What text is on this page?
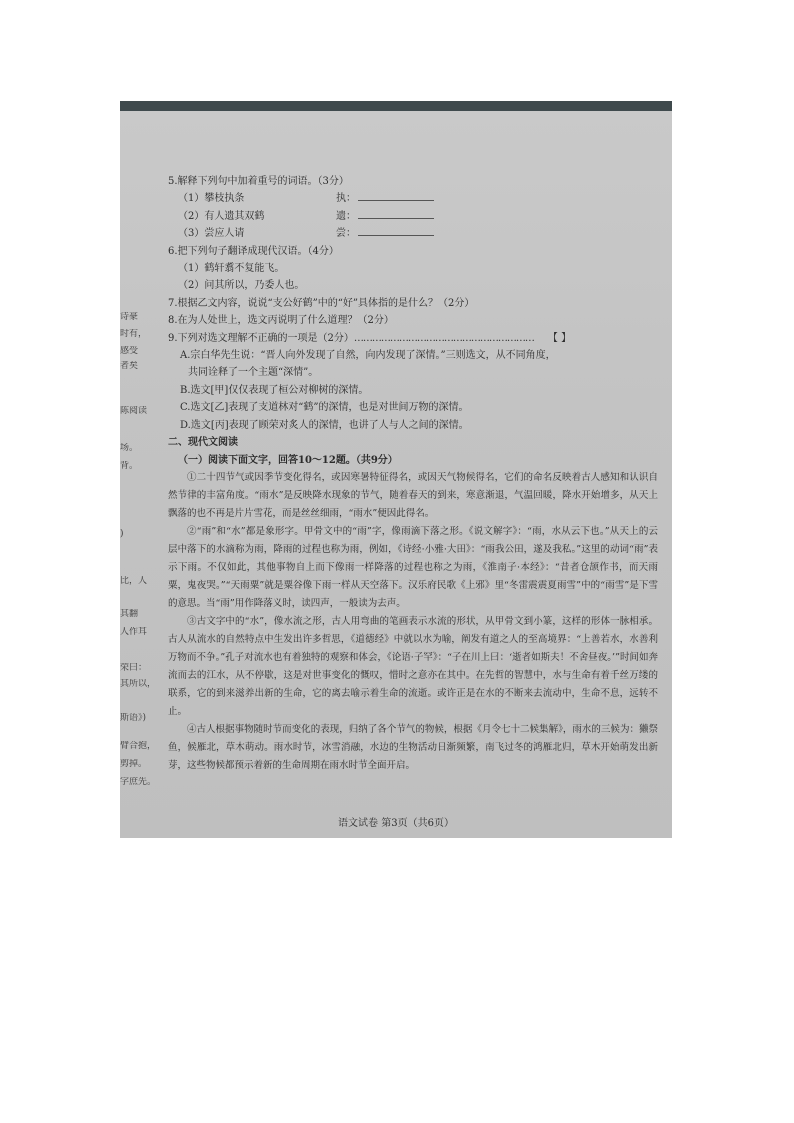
诗豪
时有，
感受
者矣
陈阅读
场。
背。
)
比，人
其翻
人作耳
荣曰：
其所以，
斯语》)
臂合抱，
剪掉。
字庶先。
5.解释下列句中加着重号的词语。（3分）
（1）攀枝执条	执：
（2）有人遗其双鹤	遗：
（3）尝应人请	尝：
6.把下列句子翻译成现代汉语。（4分）
（1）鹤轩翥不复能飞。
（2）问其所以，乃委人也。
7.根据乙文内容，说说“支公好鹤”中的“好”具体指的是什么？（2分）
8.在为人处世上，选文丙说明了什么道理？（2分）
9.下列对选文理解不正确的一项是（2分）…………………………………………………… 【 】
A.宗白华先生说：“晋人向外发现了自然，向内发现了深情。”三则选文，从不同角度，
共同诠释了一个主题“深情”。
B.选文[甲]仅仅表现了桓公对柳树的深情。
C.选文[乙]表现了支道林对“鹤”的深情，也是对世间万物的深情。
D.选文[丙]表现了顾荣对炙人的深情，也讲了人与人之间的深情。
二、现代文阅读
（一）阅读下面文字，回答10～12题。（共9分）
①二十四节气或因季节变化得名，或因寒暑特征得名，或因天气物候得名，它们的命名反映着古人感知和认识自然节律的丰富角度。“雨水”是反映降水现象的节气，随着春天的到来，寒意渐退，气温回暖，降水开始增多，从天上飘落的也不再是片片雪花，而是丝丝细雨，“雨水”便因此得名。
②“雨”和“水”都是象形字。甲骨文中的“雨”字，像雨滴下落之形。《说文解字》：“雨，水从云下也。”从天上的云层中落下的水滴称为雨，降雨的过程也称为雨，例如，《诗经·小雅·大田》：“雨我公田，遂及我私。”这里的动词“雨”表示下雨。不仅如此，其他事物自上而下像雨一样降落的过程也称之为雨，《淮南子·本经》：“昔者仓颉作书，而天雨粟，鬼夜哭。”“天雨粟”就是粟谷像下雨一样从天空落下。汉乐府民歌《上邪》里“冬雷震震夏雨雪”中的“雨雪”是下雪的意思。当“雨”用作降落义时，读四声，一般读为去声。
③古文字中的“水”，像水流之形，古人用弯曲的笔画表示水流的形状，从甲骨文到小篆，这样的形体一脉相承。古人从流水的自然特点中生发出许多哲思，《道德经》中就以水为喻，阐发有道之人的至高境界：“上善若水，水善利万物而不争。”孔子对流水也有着独特的观察和体会，《论语·子罕》：“子在川上曰：‘逝者如斯夫！不舍昼夜。’”时间如奔流而去的江水，从不停歇，这是对世事变化的慨叹，惜时之意亦在其中。在先哲的智慧中，水与生命有着千丝万缕的联系，它的到来滋养出新的生命，它的离去喻示着生命的流逝。或许正是在水的不断来去流动中，生命不息，远转不止。
④古人根据事物随时节而变化的表现，归纳了各个节气的物候，根据《月令七十二候集解》，雨水的三候为：獭祭鱼，候雁北，草木萌动。雨水时节，冰雪消融，水边的生物活动日渐频繁，南飞过冬的鸿雁北归，草木开始萌发出新芽，这些物候都预示着新的生命周期在雨水时节全面开启。
语文试卷 第3页（共6页）
